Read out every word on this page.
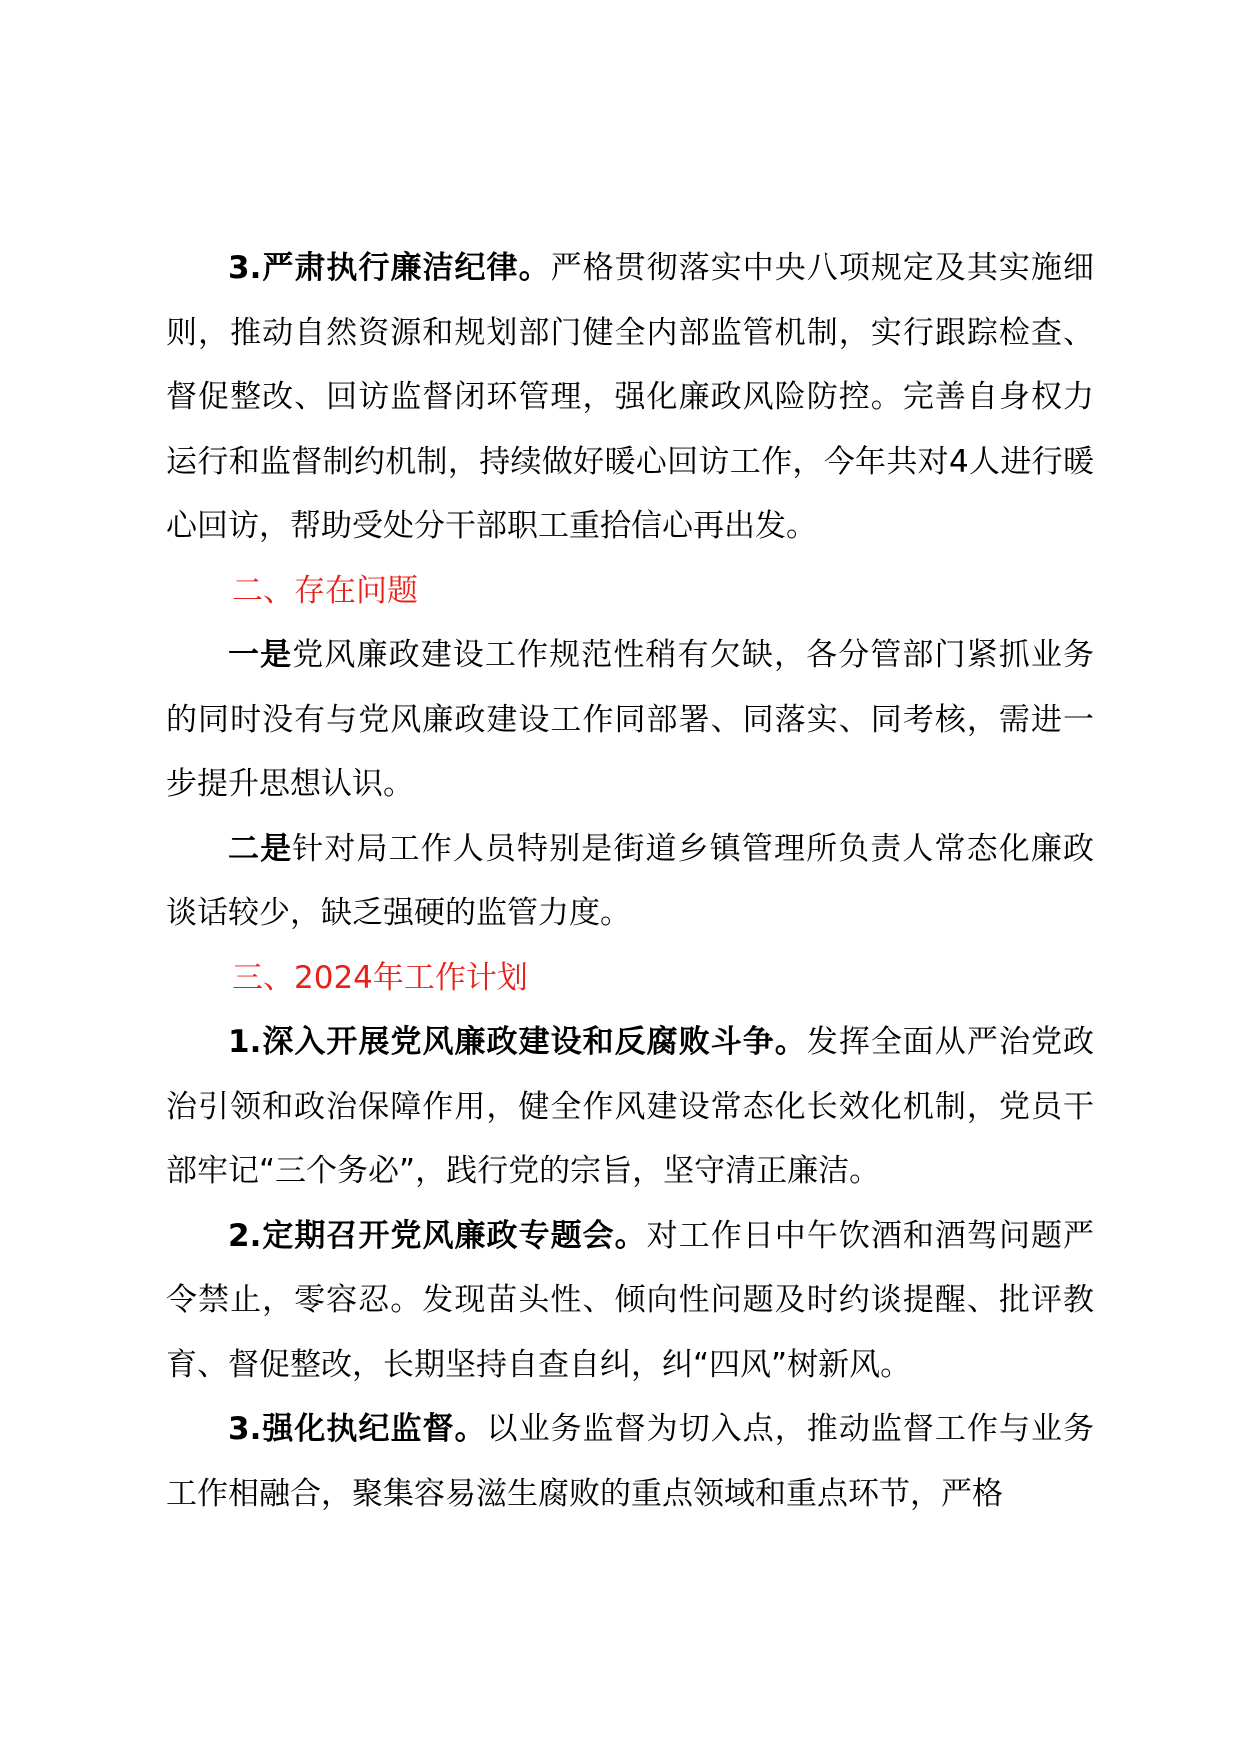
3.严肃执行廉洁纪律。严格贯彻落实中央八项规定及其实施细则，推动自然资源和规划部门健全内部监管机制，实行跟踪检查、督促整改、回访监督闭环管理，强化廉政风险防控。完善自身权力运行和监督制约机制，持续做好暖心回访工作，今年共对4人进行暖心回访，帮助受处分干部职工重拾信心再出发。

二、存在问题

一是党风廉政建设工作规范性稍有欠缺，各分管部门紧抓业务的同时没有与党风廉政建设工作同部署、同落实、同考核，需进一步提升思想认识。

二是针对局工作人员特别是街道乡镇管理所负责人常态化廉政谈话较少，缺乏强硬的监管力度。

三、2024年工作计划

1.深入开展党风廉政建设和反腐败斗争。发挥全面从严治党政治引领和政治保障作用，健全作风建设常态化长效化机制，党员干部牢记“三个务必”，践行党的宗旨，坚守清正廉洁。

2.定期召开党风廉政专题会。对工作日中午饮酒和酒驾问题严令禁止，零容忍。发现苗头性、倾向性问题及时约谈提醒、批评教育、督促整改，长期坚持自查自纠，纠“四风”树新风。

3.强化执纪监督。以业务监督为切入点，推动监督工作与业务工作相融合，聚集容易滋生腐败的重点领域和重点环节，严格
